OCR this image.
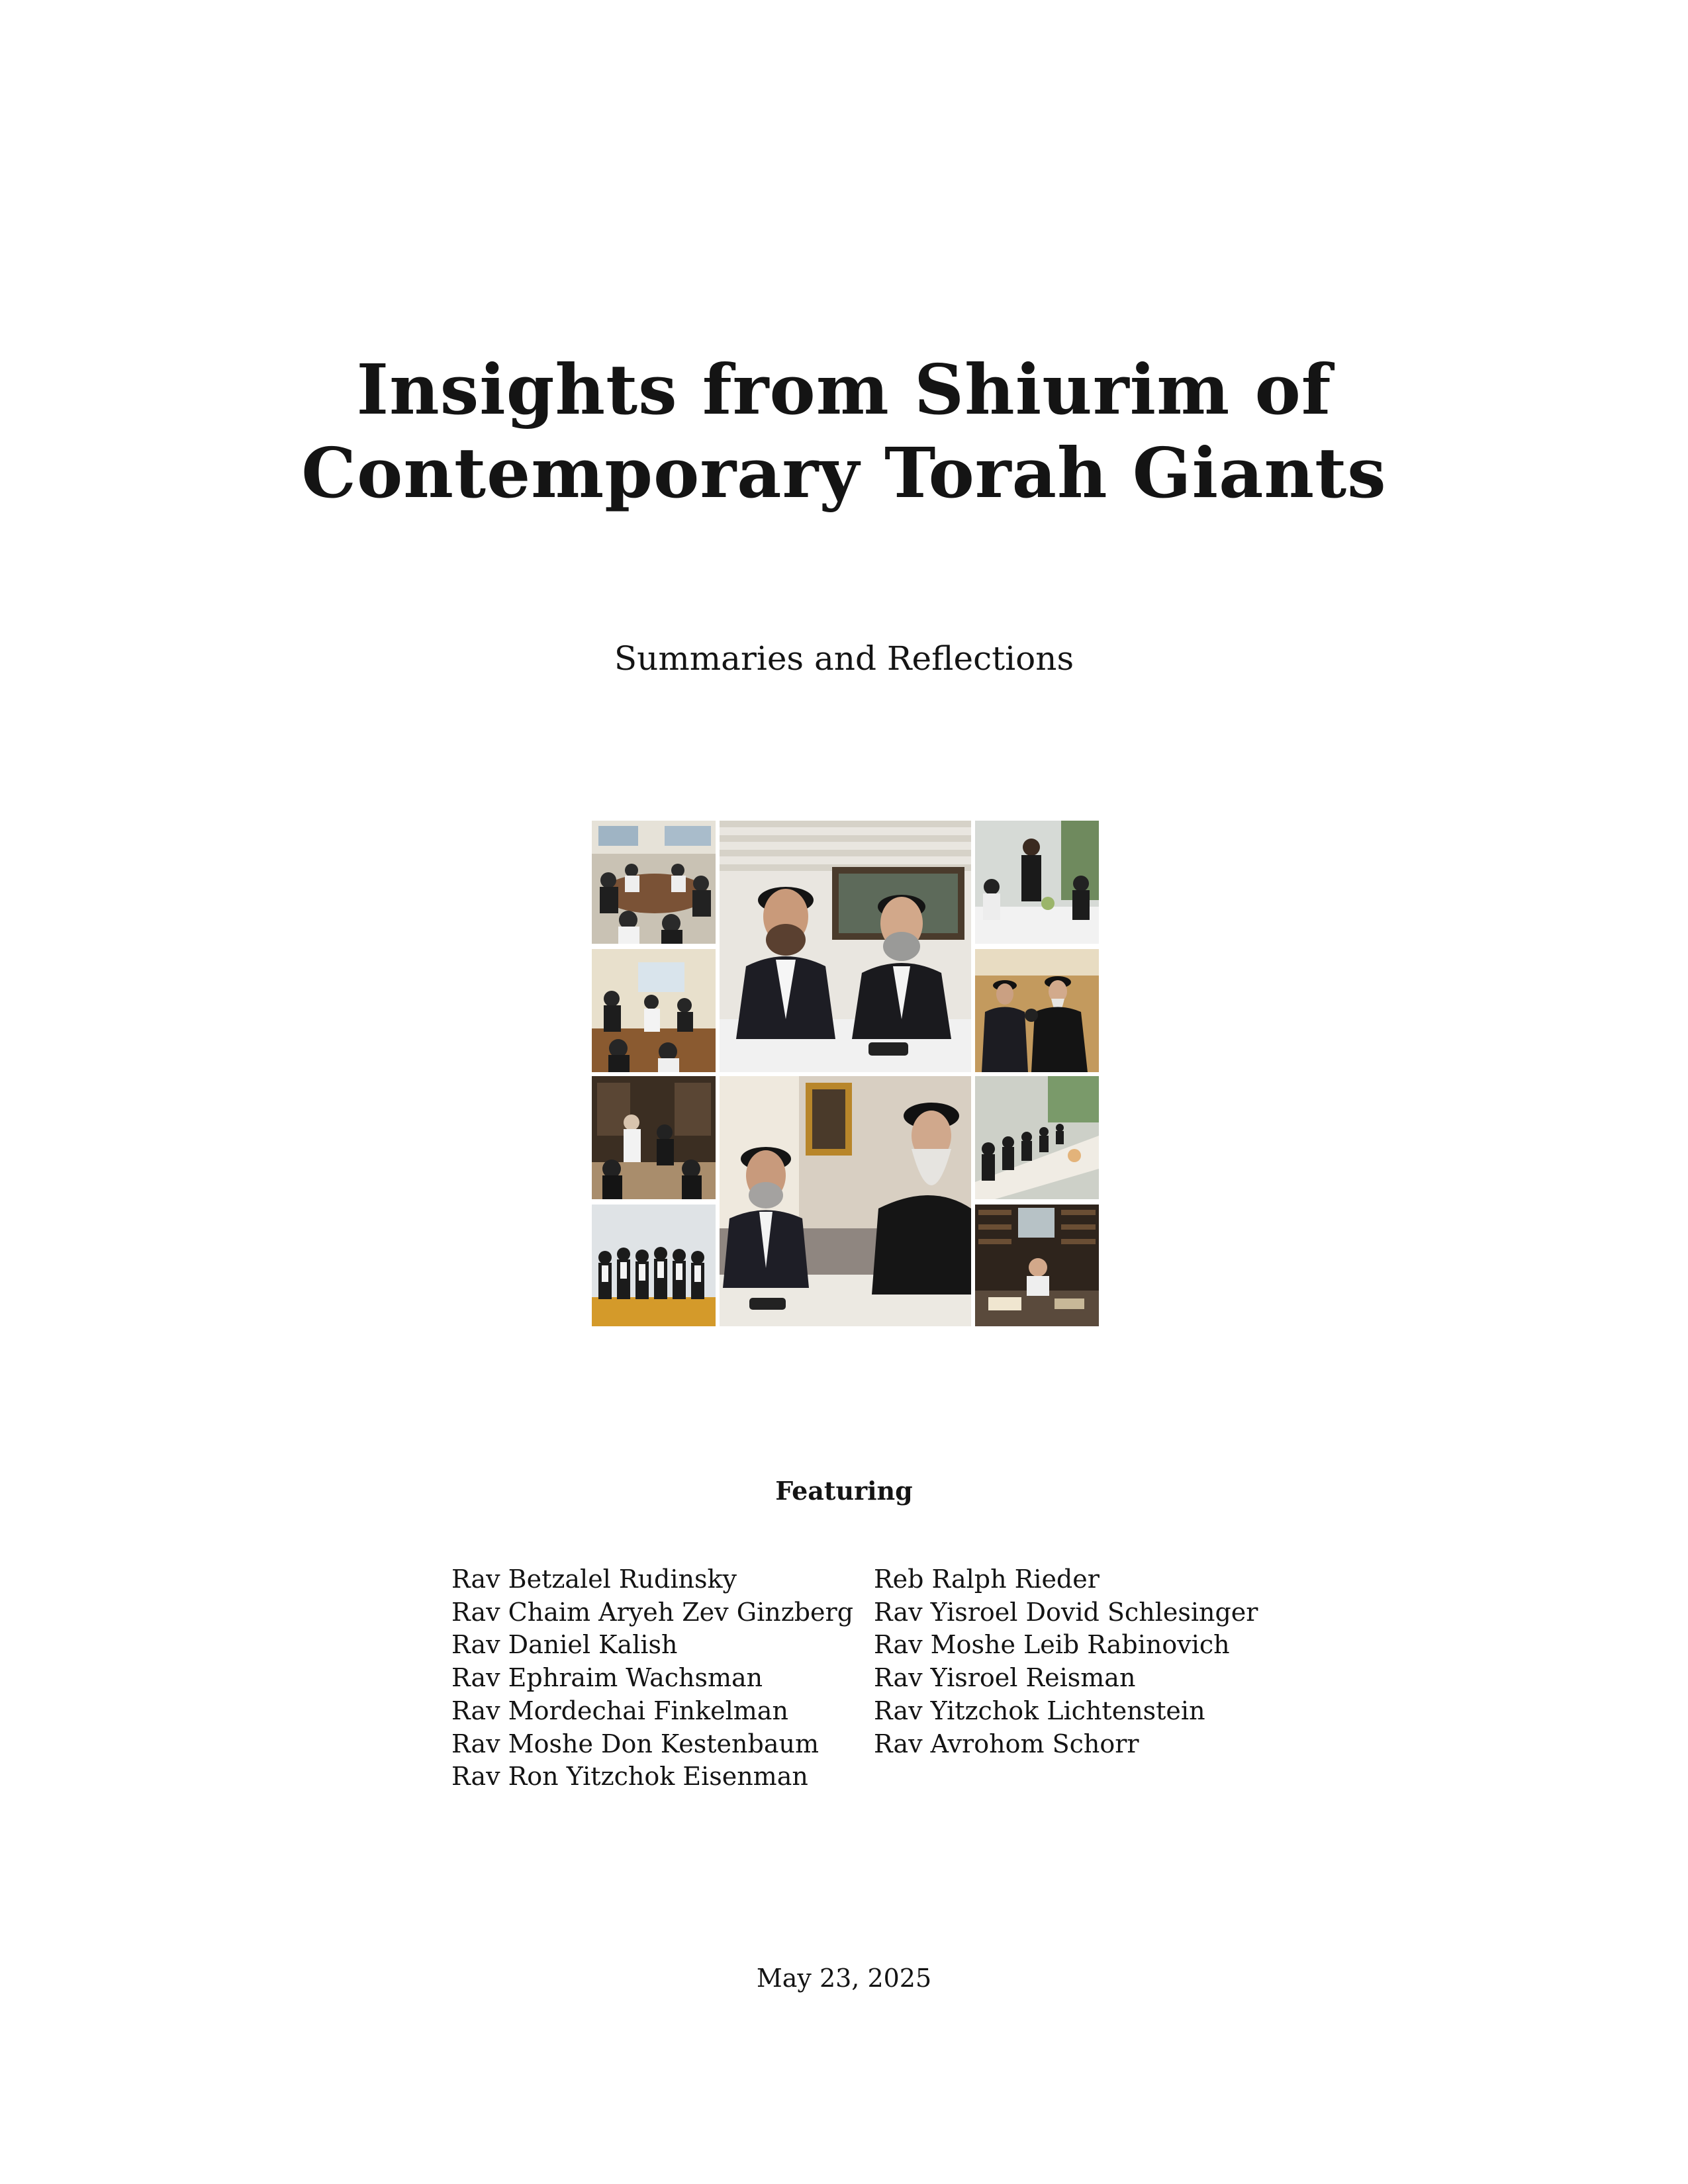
Insights from Shiurim of
Contemporary Torah Giants
Summaries and Reflections
Featuring
Rav Betzalel Rudinsky
Rav Chaim Aryeh Zev Ginzberg
Rav Daniel Kalish
Rav Ephraim Wachsman
Rav Mordechai Finkelman
Rav Moshe Don Kestenbaum
Rav Ron Yitzchok Eisenman
Reb Ralph Rieder
Rav Yisroel Dovid Schlesinger
Rav Moshe Leib Rabinovich
Rav Yisroel Reisman
Rav Yitzchok Lichtenstein
Rav Avrohom Schorr
May 23, 2025
